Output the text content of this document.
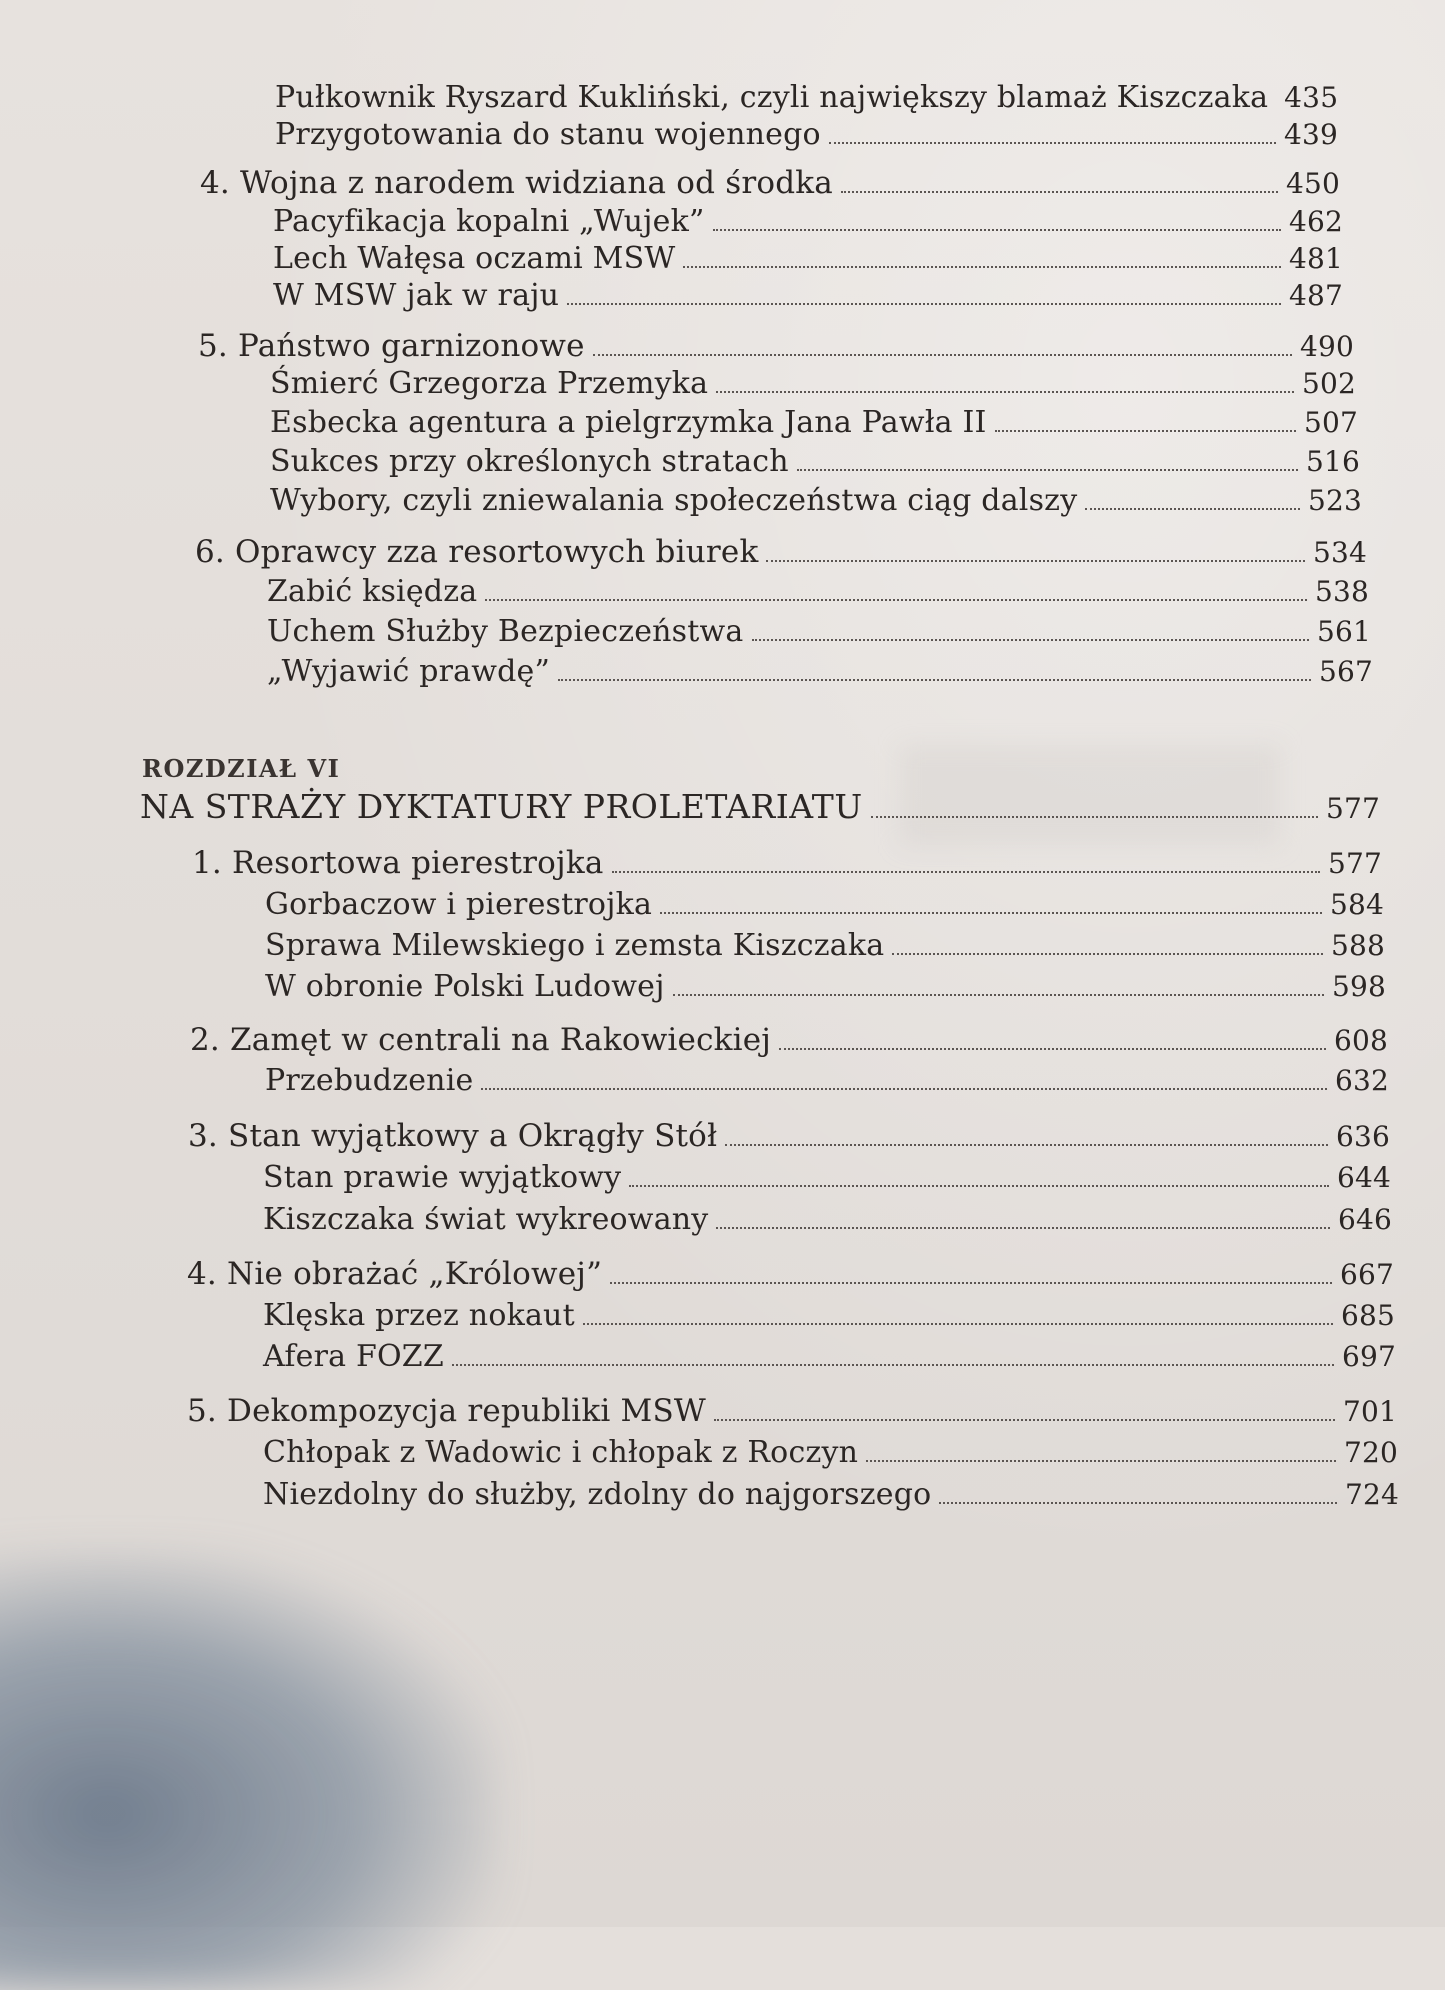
Pułkownik Ryszard Kukliński, czyli największy blamaż Kiszczaka 435
Przygotowania do stanu wojennego	439
4. Wojna z narodem widziana od środka	450
Pacyfikacja kopalni „Wujek”	462
Lech Wałęsa oczami MSW	481
W MSW jak w raju	487
5. Państwo garnizonowe	490
Śmierć Grzegorza Przemyka	502
Esbecka agentura a pielgrzymka Jana Pawła II	507
Sukces przy określonych stratach	516
Wybory, czyli zniewalania społeczeństwa ciąg dalszy	523
6. Oprawcy zza resortowych biurek	534
Zabić księdza	538
Uchem Służby Bezpieczeństwa	561
„Wyjawić prawdę”	567
ROZDZIAŁ VI
NA STRAŻY DYKTATURY PROLETARIATU	577
1. Resortowa pierestrojka	577
Gorbaczow i pierestrojka	584
Sprawa Milewskiego i zemsta Kiszczaka	588
W obronie Polski Ludowej	598
2. Zamęt w centrali na Rakowieckiej	608
Przebudzenie	632
3. Stan wyjątkowy a Okrągły Stół	636
Stan prawie wyjątkowy	644
Kiszczaka świat wykreowany	646
4. Nie obrażać „Królowej”	667
Klęska przez nokaut	685
Afera FOZZ	697
5. Dekompozycja republiki MSW	701
Chłopak z Wadowic i chłopak z Roczyn	720
Niezdolny do służby, zdolny do najgorszego	724
